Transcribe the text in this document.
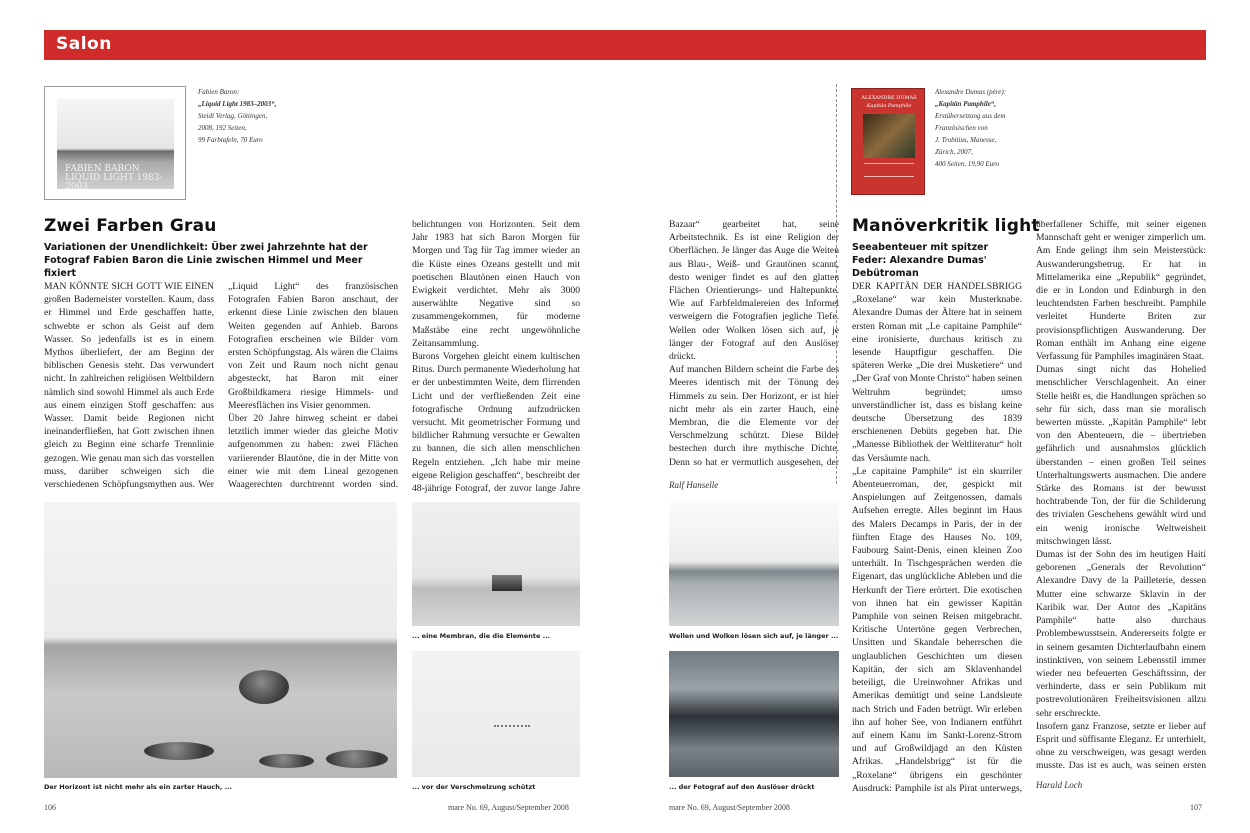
Salon
FABIEN BARON LIQUID LIGHT 1983-2003
Fabien Baron:
„Liquid Light 1983–2003“,
Steidl Verlag, Göttingen,
2008, 192 Seiten,
99 Farbtafeln, 70 Euro
Zwei Farben Grau
Variationen der Unendlichkeit: Über zwei Jahrzehnte hat der Fotograf Fabien Baron die Linie zwischen Himmel und Meer fixiert
MAN KÖNNTE SICH GOTT WIE EINEN großen Bademeister vorstellen. Kaum, dass er Himmel und Erde geschaffen hatte, schwebte er schon als Geist auf dem Wasser. So jedenfalls ist es in einem Mythos überliefert, der am Beginn der biblischen Genesis steht. Das verwundert nicht. In zahlreichen religiösen Weltbildern nämlich sind sowohl Himmel als auch Erde aus einem einzigen Stoff geschaffen: aus Wasser. Damit beide Regionen nicht ineinanderfließen, hat Gott zwischen ihnen gleich zu Beginn eine scharfe Trennlinie gezogen. Wie genau man sich das vorstellen muss, darüber schweigen sich die verschiedenen Schöpfungsmythen aus. Wer
„Liquid Light“ des französischen Fotografen Fabien Baron anschaut, der erkennt diese Linie zwischen den blauen Weiten gegenden auf Anhieb. Barons Fotografien erscheinen wie Bilder vom ersten Schöpfungstag. Als wären die Claims von Zeit und Raum noch nicht genau abgesteckt, hat Baron mit einer Großbildkamera riesige Himmels- und Meeresflächen ins Visier genommen.
Über 20 Jahre hinweg scheint er dabei letztlich immer wieder das gleiche Motiv aufgenommen zu haben: zwei Flächen variierender Blautöne, die in der Mitte von einer wie mit dem Lineal gezogenen Waagerechten durchtrennt worden sind.
belichtungen von Horizonten. Seit dem Jahr 1983 hat sich Baron Morgen für Morgen und Tag für Tag immer wieder an die Küste eines Ozeans gestellt und mit poetischen Blautönen einen Hauch von Ewigkeit verdichtet. Mehr als 3000 auserwählte Negative sind so zusammengekommen, für moderne Maßstäbe eine recht ungewöhnliche Zeitansammlung.
Barons Vorgehen gleicht einem kultischen Ritus. Durch permanente Wiederholung hat er der unbestimmten Weite, dem flirrenden Licht und der verfließenden Zeit eine fotografische Ordnung aufzudrücken versucht. Mit geometrischer Formung und bildlicher Rahmung versuchte er Gewalten zu bannen, die sich allen menschlichen Regeln entziehen. „Ich habe mir meine eigene Religion geschaffen“, beschreibt der 48-jährige Fotograf, der zuvor lange Jahre
Der Horizont ist nicht mehr als ein zarter Hauch, ...
... eine Membran, die die Elemente ...
... vor der Verschmelzung schützt
106	mare No. 69, August/September 2008
Bazaar“ gearbeitet hat, seine Arbeitstechnik. Es ist eine Religion der Oberflächen. Je länger das Auge die Weiten aus Blau-, Weiß- und Grautönen scannt, desto weniger findet es auf den glatten Flächen Orientierungs- und Haltepunkte. Wie auf Farbfeldmalereien des Informel verweigern die Fotografien jegliche Tiefe. Wellen oder Wolken lösen sich auf, je länger der Fotograf auf den Auslöser drückt.
Auf manchen Bildern scheint die Farbe des Meeres identisch mit der Tönung des Himmels zu sein. Der Horizont, er ist hier nicht mehr als ein zarter Hauch, eine Membran, die die Elemente vor der Verschmelzung schützt. Diese Bilder bestechen durch ihre mythische Dichte. Denn so hat er vermutlich ausgesehen, der
Ralf Hanselle
Wellen und Wolken lösen sich auf, je länger ...
... der Fotograf auf den Auslöser drückt
ALEXANDRE DUMAS
Kapitän Pamphile
Alexandre Dumas (père):
„Kapitän Pamphile“,
Erstübersetzung aus dem
Französischen von
J. Trobitius, Manesse,
Zürich, 2007,
400 Seiten, 19,90 Euro
Manöverkritik light
Seeabenteuer mit spitzer Feder: Alexandre Dumas' Debütroman
DER KAPITÄN DER HANDELSBRIGG „Roxelane“ war kein Musterknabe. Alexandre Dumas der Ältere hat in seinem ersten Roman mit „Le capitaine Pamphile“ eine ironisierte, durchaus kritisch zu lesende Hauptfigur geschaffen. Die späteren Werke „Die drei Musketiere“ und „Der Graf von Monte Christo“ haben seinen Weltruhm begründet; umso unverständlicher ist, dass es bislang keine deutsche Übersetzung des 1839 erschienenen Debüts gegeben hat. Die „Manesse Bibliothek der Weltliteratur“ holt das Versäumte nach.
„Le capitaine Pamphile“ ist ein skurriler Abenteuerroman, der, gespickt mit Anspielungen auf Zeitgenossen, damals Aufsehen erregte. Alles beginnt im Haus des Malers Decamps in Paris, der in der fünften Etage des Hauses No. 109, Faubourg Saint-Denis, einen kleinen Zoo unterhält. In Tischgesprächen werden die Eigenart, das unglückliche Ableben und die Herkunft der Tiere erörtert. Die exotischen von ihnen hat ein gewisser Kapitän Pamphile von seinen Reisen mitgebracht. Kritische Untertöne gegen Verbrechen, Unsitten und Skandale beherrschen die unglaublichen Geschichten um diesen Kapitän, der sich am Sklavenhandel beteiligt, die Ureinwohner Afrikas und Amerikas demütigt und seine Landsleute nach Strich und Faden betrügt. Wir erleben ihn auf hoher See, von Indianern entführt auf einem Kanu im Sankt-Lorenz-Strom und auf Großwildjagd an den Küsten Afrikas. „Handelsbrigg“ ist für die „Roxelane“ übrigens ein geschönter Ausdruck: Pamphile ist als Pirat unterwegs,
überfallener Schiffe, mit seiner eigenen Mannschaft geht er weniger zimperlich um. Am Ende gelingt ihm sein Meisterstück: Auswanderungsbetrug. Er hat in Mittelamerika eine „Republik“ gegründet, die er in London und Edinburgh in den leuchtendsten Farben beschreibt. Pamphile verleitet Hunderte Briten zur provisionspflichtigen Auswanderung. Der Roman enthält im Anhang eine eigene Verfassung für Pamphiles imaginären Staat.
Dumas singt nicht das Hohelied menschlicher Verschlagenheit. An einer Stelle heißt es, die Handlungen sprächen so sehr für sich, dass man sie moralisch bewerten müsste. „Kapitän Pamphile“ lebt von den Abenteuern, die – übertrieben gefährlich und ausnahmslos glücklich überstanden – einen großen Teil seines Unterhaltungswerts ausmachen. Die andere Stärke des Romans ist der bewusst hochtrabende Ton, der für die Schilderung des trivialen Geschehens gewählt wird und ein wenig ironische Weltweisheit mitschwingen lässt.
Dumas ist der Sohn des im heutigen Haiti geborenen „Generals der Revolution“ Alexandre Davy de la Pailleterie, dessen Mutter eine schwarze Sklavin in der Karibik war. Der Autor des „Kapitäns Pamphile“ hatte also durchaus Problembewusstsein. Andererseits folgte er in seinem gesamten Dichterlaufbahn einem instinktiven, von seinem Lebensstil immer wieder neu befeuerten Geschäftssinn, der verhinderte, dass er sein Publikum mit postrevolutionären Freiheitsvisionen allzu sehr erschreckte.
Insofern ganz Franzose, setzte er lieber auf Esprit und süffisante Eleganz. Er unterhielt, ohne zu verschweigen, was gesagt werden musste. Das ist es auch, was seinen ersten
Harald Loch
mare No. 69, August/September 2008	107
